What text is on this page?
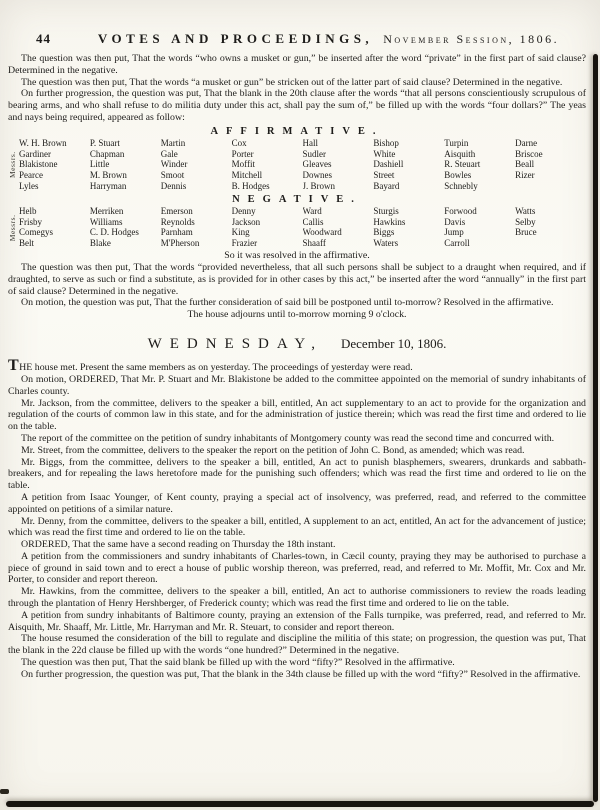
44	VOTES AND PROCEEDINGS, November Session, 1806.

The question was then put, That the words “who owns a musket or gun,” be inserted after the word “private” in the first part of said clause? Determined in the negative.

The question was then put, That the words “a musket or gun” be stricken out of the latter part of said clause? Determined in the negative.

On further progression, the question was put, That the blank in the 20th clause after the words “that all persons conscientiously scrupulous of bearing arms, and who shall refuse to do militia duty under this act, shall pay the sum of,” be filled up with the words “four dollars?” The yeas and nays being required, appeared as follow:

AFFIRMATIVE.

Messrs.
W. H. Brown
Gardiner
Blakistone
Pearce
Lyles
P. Stuart
Chapman
Little
M. Brown
Harryman
Martin
Gale
Winder
Smoot
Dennis
Cox
Porter
Moffit
Mitchell
B. Hodges
Hall
Sudler
Gleaves
Downes
J. Brown
Bishop
White
Dashiell
Street
Bayard
Turpin
Aisquith
R. Steuart
Bowles
Schnebly
Darne
Briscoe
Beall
Rizer

NEGATIVE.

Messrs.
Helb
Frisby
Comegys
Belt
Merriken
Williams
C. D. Hodges
Blake
Emerson
Reynolds
Parnham
M'Pherson
Denny
Jackson
King
Frazier
Ward
Callis
Woodward
Shaaff
Sturgis
Hawkins
Biggs
Waters
Forwood
Davis
Jump
Carroll
Watts
Selby
Bruce

So it was resolved in the affirmative.

The question was then put, That the words “provided nevertheless, that all such persons shall be subject to a draught when required, and if draughted, to serve as such or find a substitute, as is provided for in other cases by this act,” be inserted after the word “annually” in the first part of said clause? Determined in the negative.

On motion, the question was put, That the further consideration of said bill be postponed until to-morrow? Resolved in the affirmative.

The house adjourns until to-morrow morning 9 o'clock.

WEDNESDAY, December 10, 1806.

THE house met. Present the same members as on yesterday. The proceedings of yesterday were read.

On motion, ORDERED, That Mr. P. Stuart and Mr. Blakistone be added to the committee appointed on the memorial of sundry inhabitants of Charles county.

Mr. Jackson, from the committee, delivers to the speaker a bill, entitled, An act supplementary to an act to provide for the organization and regulation of the courts of common law in this state, and for the administration of justice therein; which was read the first time and ordered to lie on the table.

The report of the committee on the petition of sundry inhabitants of Montgomery county was read the second time and concurred with.

Mr. Street, from the committee, delivers to the speaker the report on the petition of John C. Bond, as amended; which was read.

Mr. Biggs, from the committee, delivers to the speaker a bill, entitled, An act to punish blasphemers, swearers, drunkards and sabbath-breakers, and for repealing the laws heretofore made for the punishing such offenders; which was read the first time and ordered to lie on the table.

A petition from Isaac Younger, of Kent county, praying a special act of insolvency, was preferred, read, and referred to the committee appointed on petitions of a similar nature.

Mr. Denny, from the committee, delivers to the speaker a bill, entitled, A supplement to an act, entitled, An act for the advancement of justice; which was read the first time and ordered to lie on the table.

ORDERED, That the same have a second reading on Thursday the 18th instant.

A petition from the commissioners and sundry inhabitants of Charles-town, in Cæcil county, praying they may be authorised to purchase a piece of ground in said town and to erect a house of public worship thereon, was preferred, read, and referred to Mr. Moffit, Mr. Cox and Mr. Porter, to consider and report thereon.

Mr. Hawkins, from the committee, delivers to the speaker a bill, entitled, An act to authorise commissioners to review the roads leading through the plantation of Henry Hershberger, of Frederick county; which was read the first time and ordered to lie on the table.

A petition from sundry inhabitants of Baltimore county, praying an extension of the Falls turnpike, was preferred, read, and referred to Mr. Aisquith, Mr. Shaaff, Mr. Little, Mr. Harryman and Mr. R. Steuart, to consider and report thereon.

The house resumed the consideration of the bill to regulate and discipline the militia of this state; on progression, the question was put, That the blank in the 22d clause be filled up with the words “one hundred?” Determined in the negative.

The question was then put, That the said blank be filled up with the word “fifty?” Resolved in the affirmative.

On further progression, the question was put, That the blank in the 34th clause be filled up with the word “fifty?” Resolved in the affirmative.
